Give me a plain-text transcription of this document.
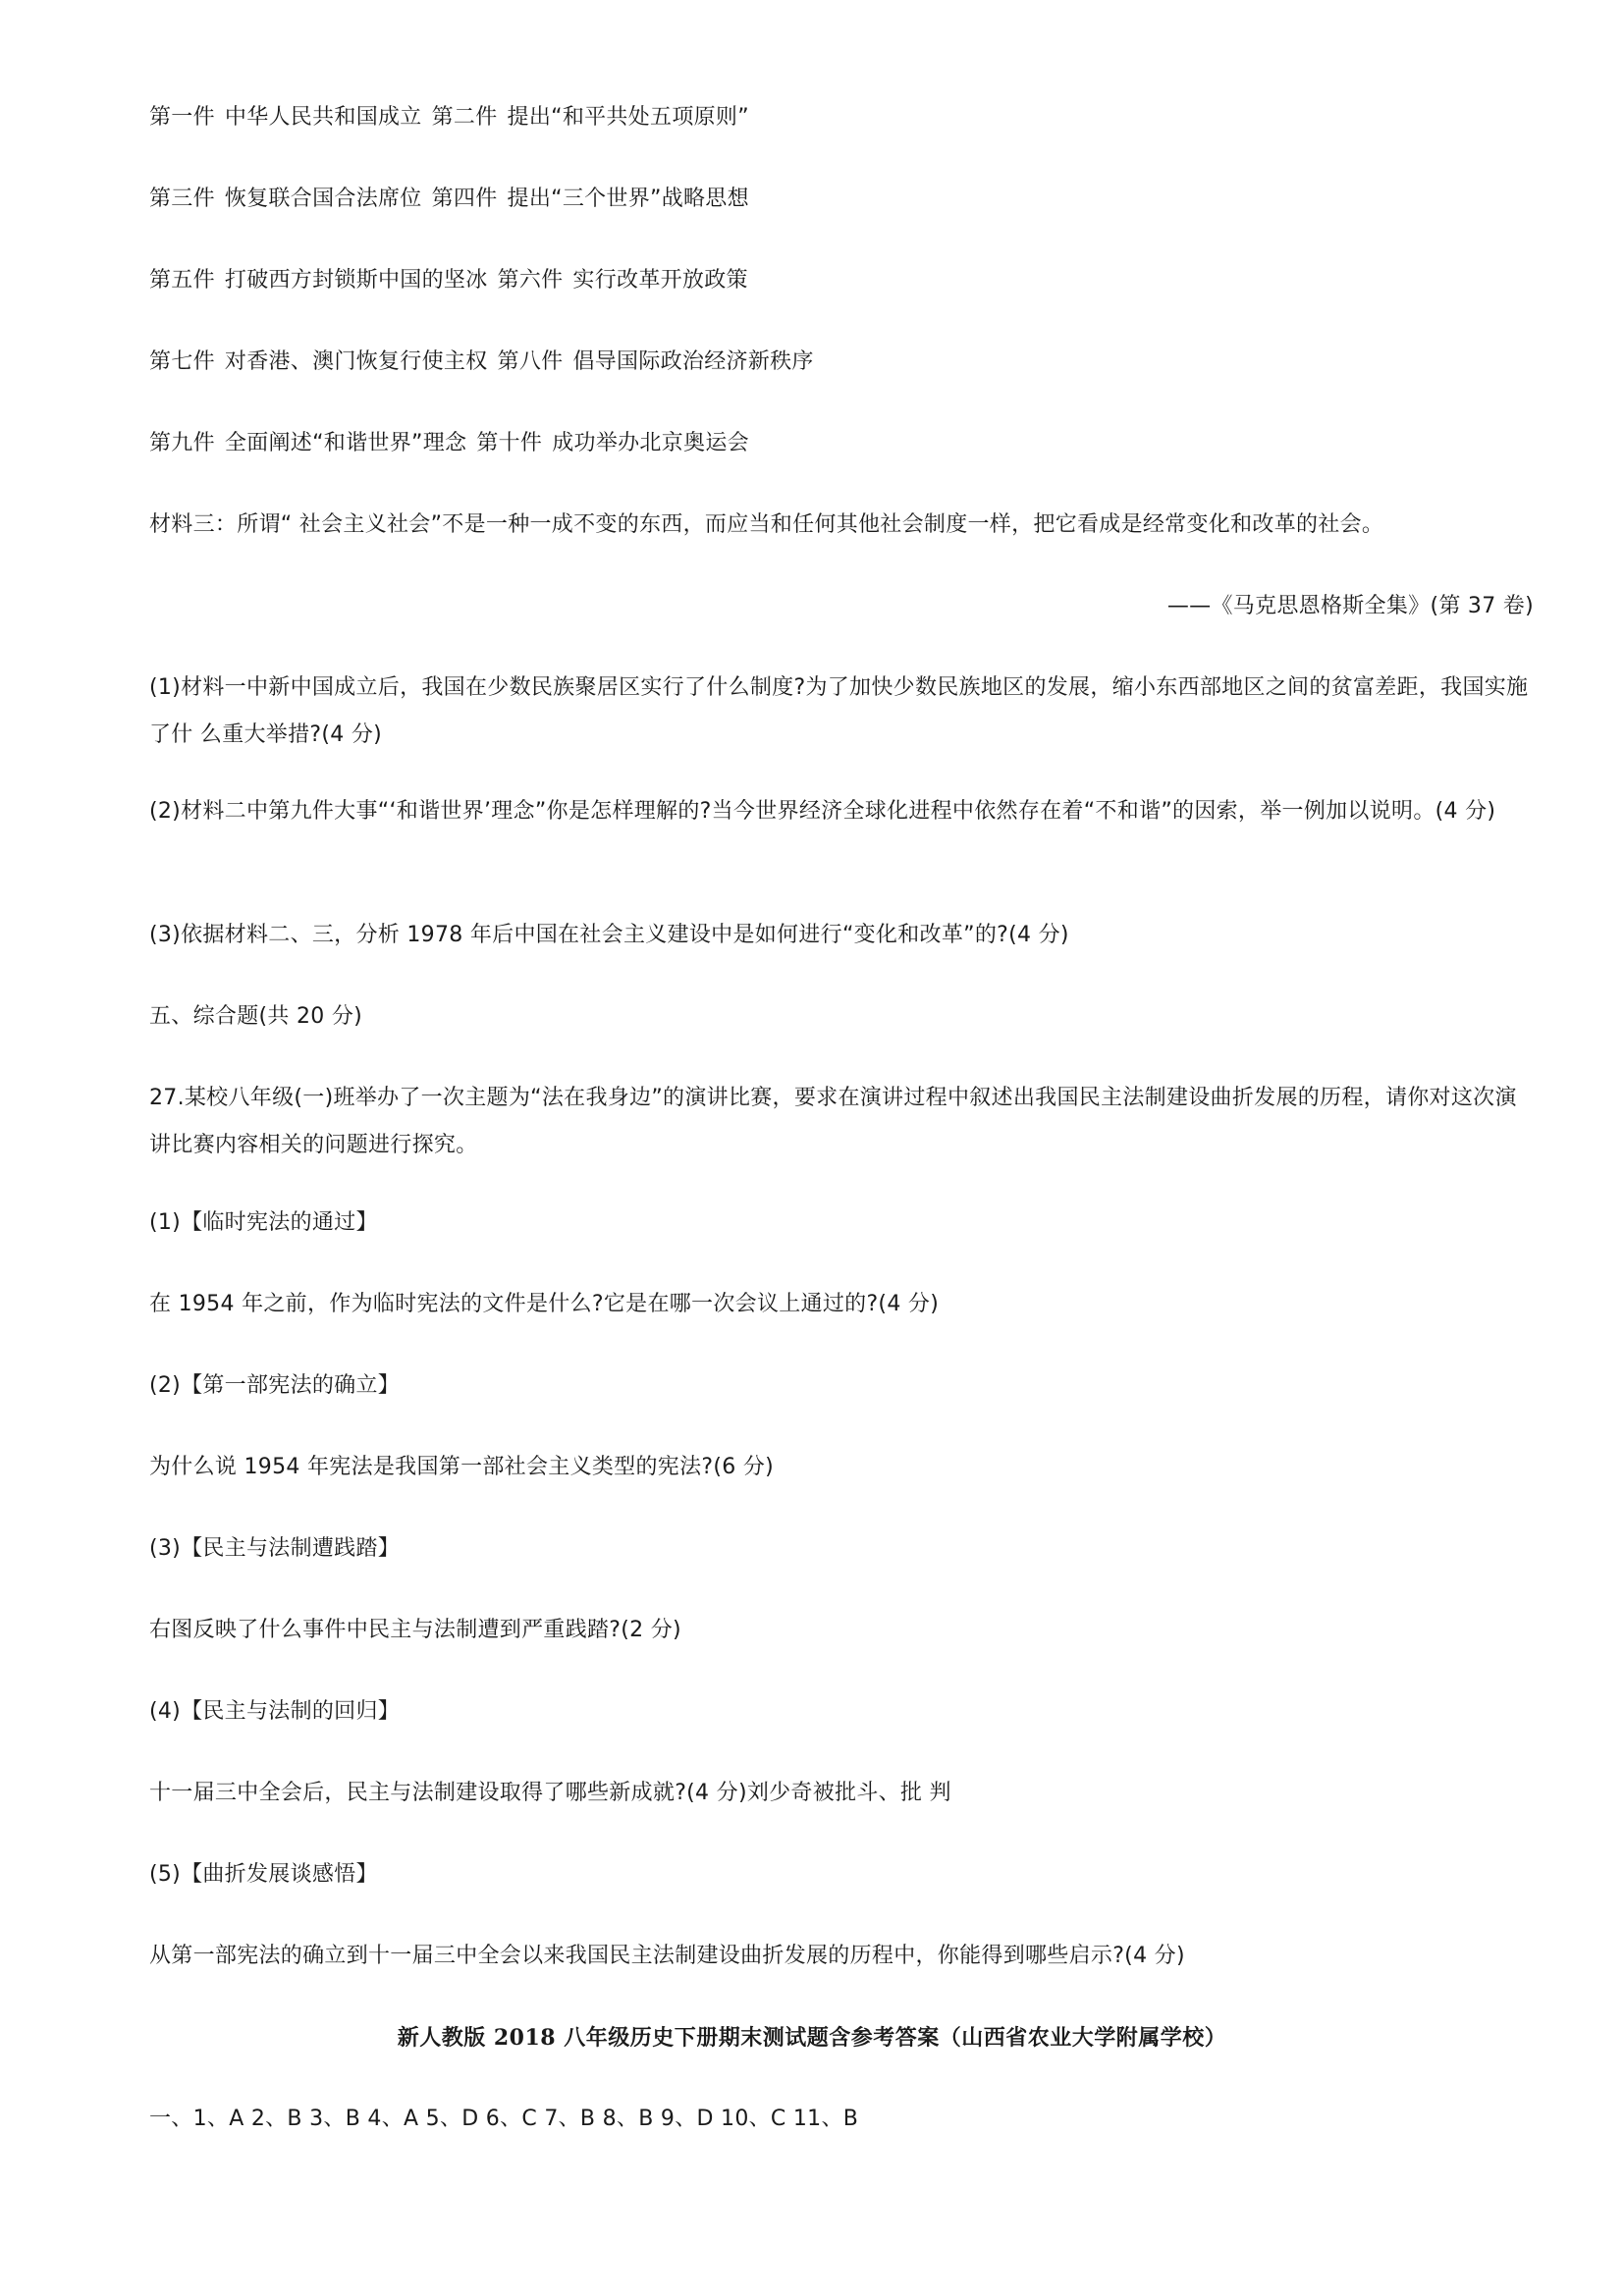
第一件 中华人民共和国成立 第二件 提出“和平共处五项原则”
第三件 恢复联合国合法席位 第四件 提出“三个世界”战略思想
第五件 打破西方封锁斯中国的坚冰 第六件 实行改革开放政策
第七件 对香港、澳门恢复行使主权 第八件 倡导国际政治经济新秩序
第九件 全面阐述“和谐世界”理念 第十件 成功举办北京奥运会
材料三：所谓“ 社会主义社会”不是一种一成不变的东西，而应当和任何其他社会制度一样，把它看成是经常变化和改革的社会。
——《马克思恩格斯全集》(第 37 卷)
(1)材料一中新中国成立后，我国在少数民族聚居区实行了什么制度?为了加快少数民族地区的发展，缩小东西部地区之间的贫富差距，我国实施了什 么重大举措?(4 分)
(2)材料二中第九件大事“‘和谐世界’理念”你是怎样理解的?当今世界经济全球化进程中依然存在着“不和谐”的因索，举一例加以说明。(4 分)
(3)依据材料二、三，分析 1978 年后中国在社会主义建设中是如何进行“变化和改革”的?(4 分)
五、综合题(共 20 分)
27.某校八年级(一)班举办了一次主题为“法在我身边”的演讲比赛，要求在演讲过程中叙述出我国民主法制建设曲折发展的历程，请你对这次演讲比赛内容相关的问题进行探究。
(1)【临时宪法的通过】
在 1954 年之前，作为临时宪法的文件是什么?它是在哪一次会议上通过的?(4 分)
(2)【第一部宪法的确立】
为什么说 1954 年宪法是我国第一部社会主义类型的宪法?(6 分)
(3)【民主与法制遭践踏】
右图反映了什么事件中民主与法制遭到严重践踏?(2 分)
(4)【民主与法制的回归】
十一届三中全会后，民主与法制建设取得了哪些新成就?(4 分)刘少奇被批斗、批 判
(5)【曲折发展谈感悟】
从第一部宪法的确立到十一届三中全会以来我国民主法制建设曲折发展的历程中，你能得到哪些启示?(4 分)
新人教版 2018 八年级历史下册期末测试题含参考答案（山西省农业大学附属学校）
一、1、A 2、B 3、B 4、A 5、D 6、C 7、B 8、B 9、D 10、C 11、B
